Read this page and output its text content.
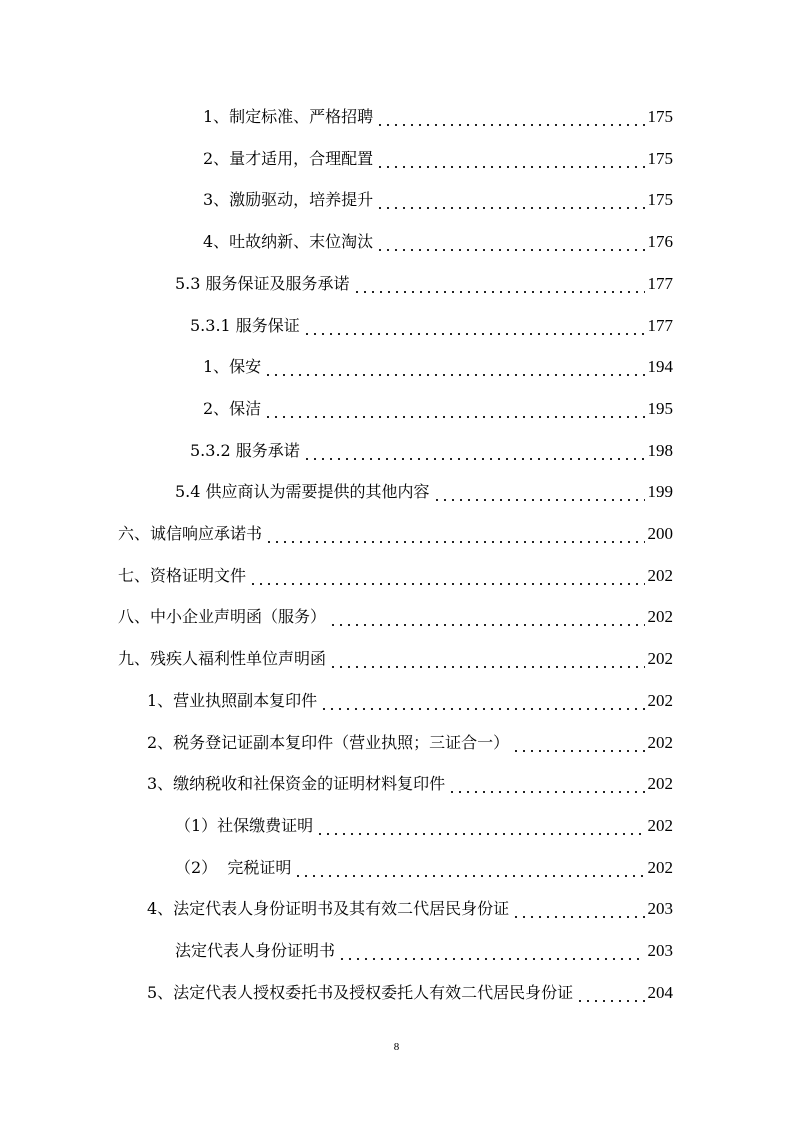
1、制定标准、严格招聘	175
2、量才适用，合理配置	175
3、激励驱动，培养提升	175
4、吐故纳新、末位淘汰	176
5.3 服务保证及服务承诺	177
5.3.1 服务保证	177
1、保安	194
2、保洁	195
5.3.2 服务承诺	198
5.4 供应商认为需要提供的其他内容	199
六、诚信响应承诺书	200
七、资格证明文件	202
八、中小企业声明函（服务）	202
九、残疾人福利性单位声明函	202
1、营业执照副本复印件	202
2、税务登记证副本复印件（营业执照；三证合一）	202
3、缴纳税收和社保资金的证明材料复印件	202
（1）社保缴费证明	202
（2）  完税证明	202
4、法定代表人身份证明书及其有效二代居民身份证	203
法定代表人身份证明书	203
5、法定代表人授权委托书及授权委托人有效二代居民身份证	204
8
